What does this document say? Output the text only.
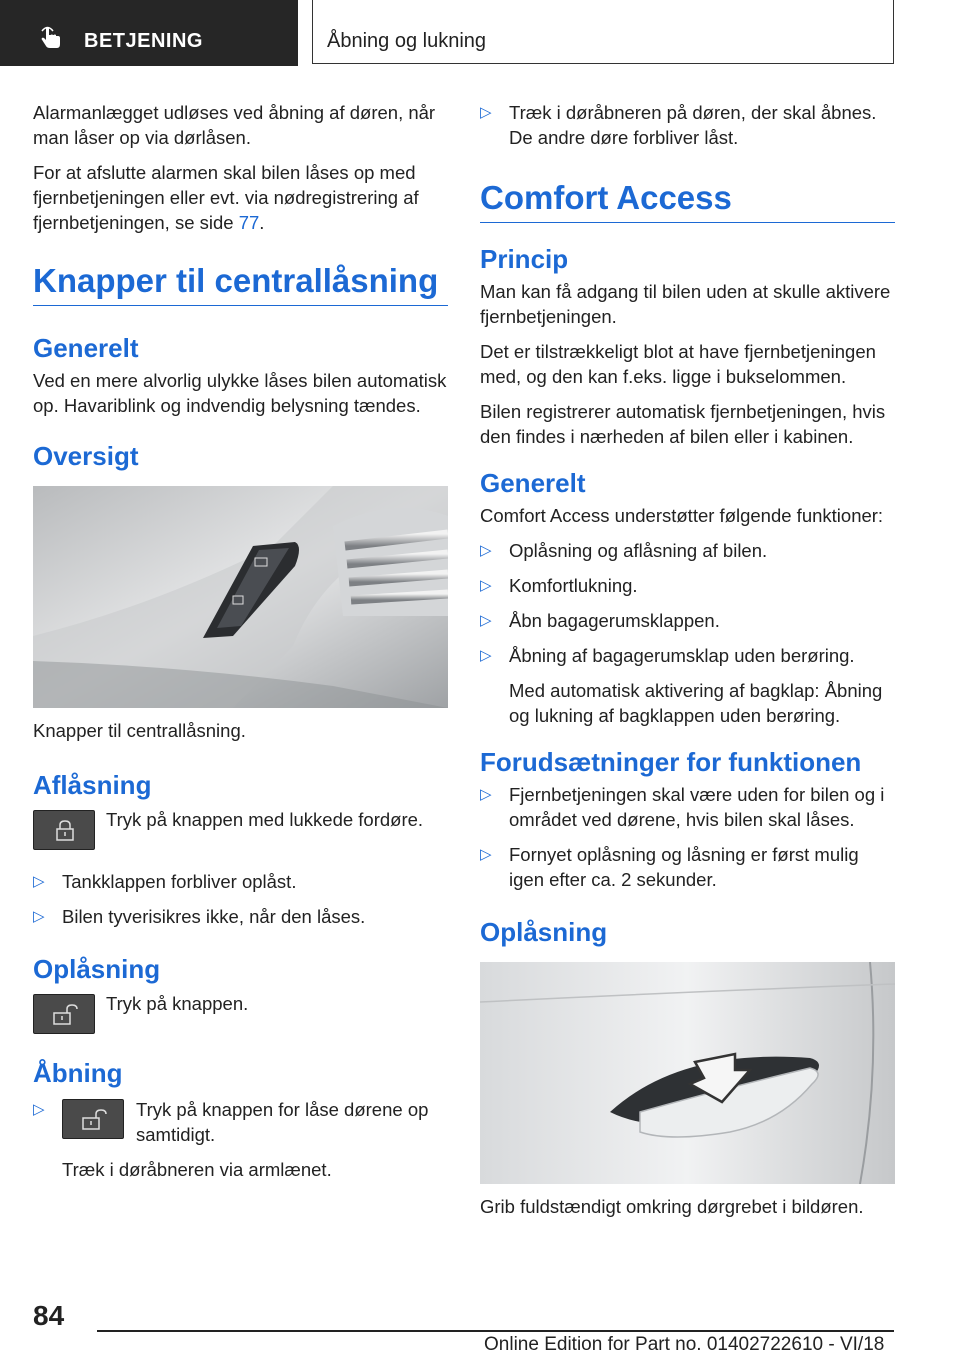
BETJENING	Åbning og lukning

Alarmanlægget udløses ved åbning af døren, når man låser op via dørlåsen.

For at afslutte alarmen skal bilen låses op med fjernbetjeningen eller evt. via nødregistrering af fjernbetjeningen, se side 77.

Knapper til centrallåsning
Generelt

Ved en mere alvorlig ulykke låses bilen automatisk op. Havariblink og indvendig belysning tændes.

Oversigt

Knapper til centrallåsning.

Aflåsning

Tryk på knappen med lukkede fordøre.

▷ Tankklappen forbliver oplåst.
▷ Bilen tyverisikres ikke, når den låses.
Oplåsning

Tryk på knappen.

Åbning
▷	Tryk på knappen for låse dørene op samtidigt.

Træk i døråbneren via armlænet.

▷ Træk i døråbneren på døren, der skal åbnes. De andre døre forbliver låst.
Comfort Access
Princip

Man kan få adgang til bilen uden at skulle aktivere fjernbetjeningen.

Det er tilstrækkeligt blot at have fjernbetjeningen med, og den kan f.eks. ligge i bukselommen.

Bilen registrerer automatisk fjernbetjeningen, hvis den findes i nærheden af bilen eller i kabinen.

Generelt

Comfort Access understøtter følgende funktioner:

▷ Oplåsning og aflåsning af bilen.
▷ Komfortlukning.
▷ Åbn bagagerumsklappen.
▷ Åbning af bagagerumsklap uden berøring.

Med automatisk aktivering af bagklap: Åbning og lukning af bagklappen uden berøring.

Forudsætninger for funktionen
▷ Fjernbetjeningen skal være uden for bilen og i området ved dørene, hvis bilen skal låses.
▷ Fornyet oplåsning og låsning er først mulig igen efter ca. 2 sekunder.
Oplåsning

Grib fuldstændigt omkring dørgrebet i bildøren.

84
Online Edition for Part no. 01402722610 - VI/18
